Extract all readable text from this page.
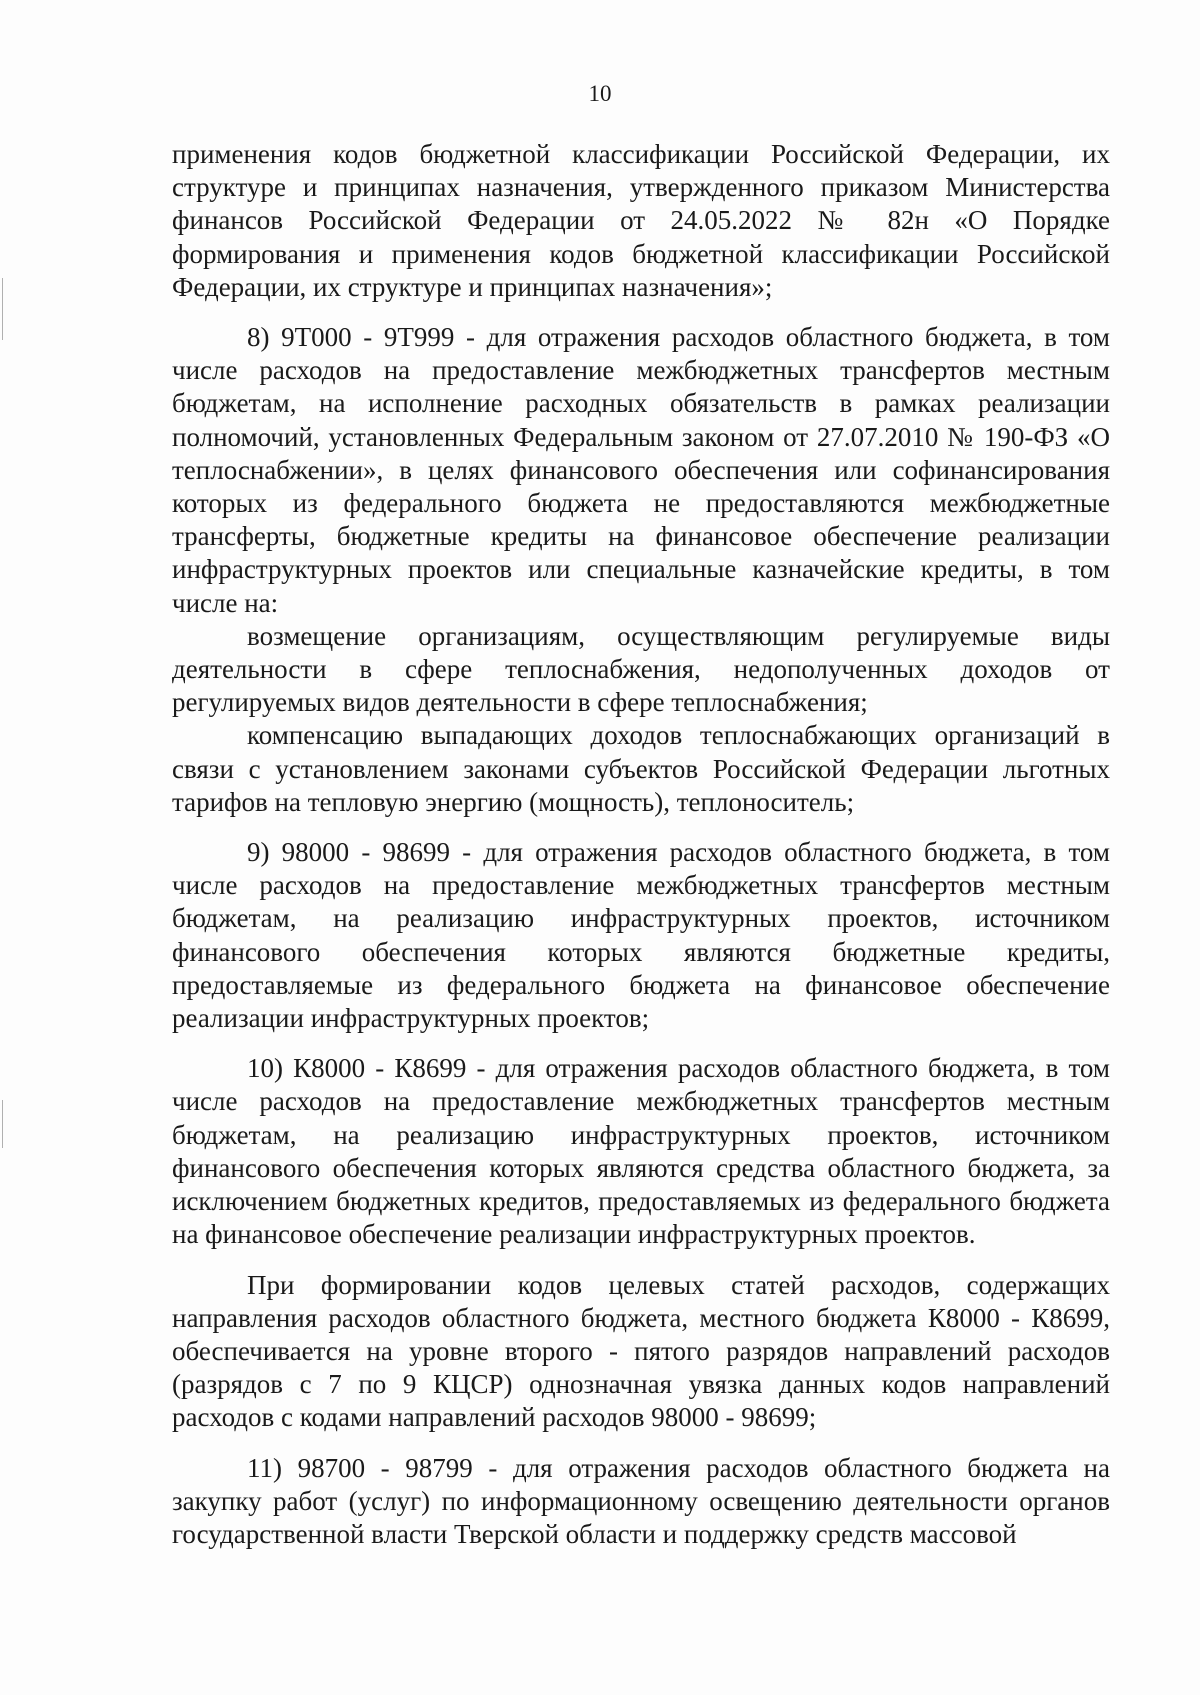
10

применения кодов бюджетной классификации Российской Федерации, их структуре и принципах назначения, утвержденного приказом Министерства финансов Российской Федерации от 24.05.2022 № 82н «О Порядке формирования и применения кодов бюджетной классификации Российской Федерации, их структуре и принципах назначения»;

8) 9Т000 - 9Т999 - для отражения расходов областного бюджета, в том числе расходов на предоставление межбюджетных трансфертов местным бюджетам, на исполнение расходных обязательств в рамках реализации полномочий, установленных Федеральным законом от 27.07.2010 № 190-ФЗ «О теплоснабжении», в целях финансового обеспечения или софинансирования которых из федерального бюджета не предоставляются межбюджетные трансферты, бюджетные кредиты на финансовое обеспечение реализации инфраструктурных проектов или специальные казначейские кредиты, в том числе на:

возмещение организациям, осуществляющим регулируемые виды деятельности в сфере теплоснабжения, недополученных доходов от регулируемых видов деятельности в сфере теплоснабжения;

компенсацию выпадающих доходов теплоснабжающих организаций в связи с установлением законами субъектов Российской Федерации льготных тарифов на тепловую энергию (мощность), теплоноситель;

9) 98000 - 98699 - для отражения расходов областного бюджета, в том числе расходов на предоставление межбюджетных трансфертов местным бюджетам, на реализацию инфраструктурных проектов, источником финансового обеспечения которых являются бюджетные кредиты, предоставляемые из федерального бюджета на финансовое обеспечение реализации инфраструктурных проектов;

10) К8000 - К8699 - для отражения расходов областного бюджета, в том числе расходов на предоставление межбюджетных трансфертов местным бюджетам, на реализацию инфраструктурных проектов, источником финансового обеспечения которых являются средства областного бюджета, за исключением бюджетных кредитов, предоставляемых из федерального бюджета на финансовое обеспечение реализации инфраструктурных проектов.

При формировании кодов целевых статей расходов, содержащих направления расходов областного бюджета, местного бюджета К8000 - К8699, обеспечивается на уровне второго - пятого разрядов направлений расходов (разрядов с 7 по 9 КЦСР) однозначная увязка данных кодов направлений расходов с кодами направлений расходов 98000 - 98699;

11) 98700 - 98799 - для отражения расходов областного бюджета на закупку работ (услуг) по информационному освещению деятельности органов государственной власти Тверской области и поддержку средств массовой
